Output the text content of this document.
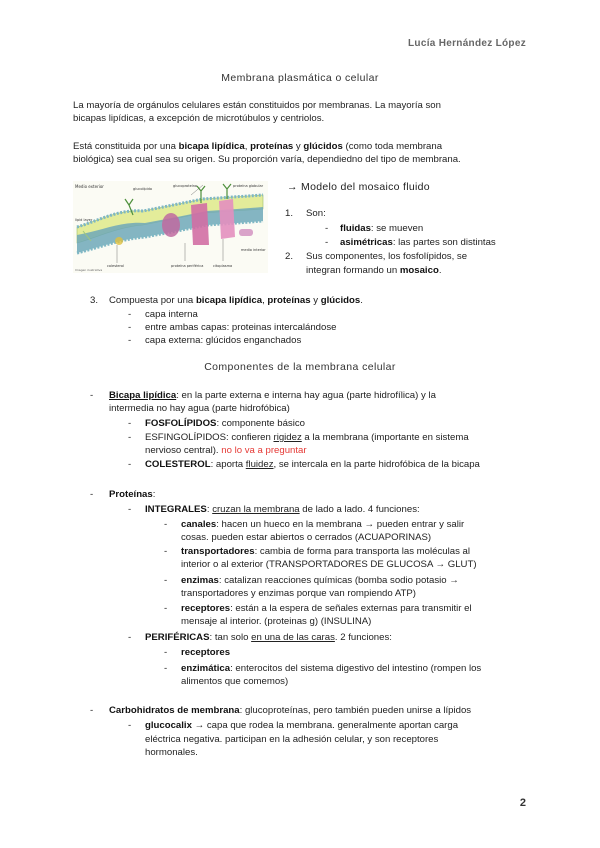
Lucía Hernández López
Membrana plasmática o celular
La mayoría de orgánulos celulares están constituidos por membranas. La mayoría son
bicapas lipídicas, a excepción de microtúbulos y centriolos.
Está constituida por una bicapa lipídica, proteínas y glúcidos (como toda membrana
biológica) sea cual sea su origen. Su proporción varía, dependiedno del tipo de membrana.
Medio exterior	glucolípido
glucoproteína	proteína globular
colesterol	proteína periférica	citoplasma
medio interior
lipid layer
Imagen ilustrativa
→ Modelo del mosaico fluido
1. Son:
- fluidas: se mueven
- asimétricas: las partes son distintas
2. Sus componentes, los fosfolípidos, se
integran formando un mosaico.
3. Compuesta por una bicapa lipídica, proteínas y glúcidos.
- capa interna
- entre ambas capas: proteinas intercalándose
- capa externa: glúcidos enganchados
Componentes de la membrana celular
- Bicapa lipídica: en la parte externa e interna hay agua (parte hidrofílica) y la
intermedia no hay agua (parte hidrofóbica)
- FOSFOLÍPIDOS: componente básico
- ESFINGOLÍPIDOS: confieren rigidez a la membrana (importante en sistema
nervioso central). no lo va a preguntar
- COLESTEROL: aporta fluidez, se intercala en la parte hidrofóbica de la bicapa
- Proteínas:
- INTEGRALES: cruzan la membrana de lado a lado. 4 funciones:
- canales: hacen un hueco en la membrana → pueden entrar y salir
cosas. pueden estar abiertos o cerrados (ACUAPORINAS)
- transportadores: cambia de forma para transporta las moléculas al
interior o al exterior (TRANSPORTADORES DE GLUCOSA → GLUT)
- enzimas: catalizan reacciones químicas (bomba sodio potasio →
transportadores y enzimas porque van rompiendo ATP)
- receptores: están a la espera de señales externas para transmitir el
mensaje al interior. (proteinas g) (INSULINA)
- PERIFÉRICAS: tan solo en una de las caras. 2 funciones:
- receptores
- enzimática: enterocitos del sistema digestivo del intestino (rompen los
alimentos que comemos)
- Carbohidratos de membrana: glucoproteínas, pero también pueden unirse a lípidos
- glucocalix → capa que rodea la membrana. generalmente aportan carga
eléctrica negativa. participan en la adhesión celular, y son receptores
hormonales.
2
